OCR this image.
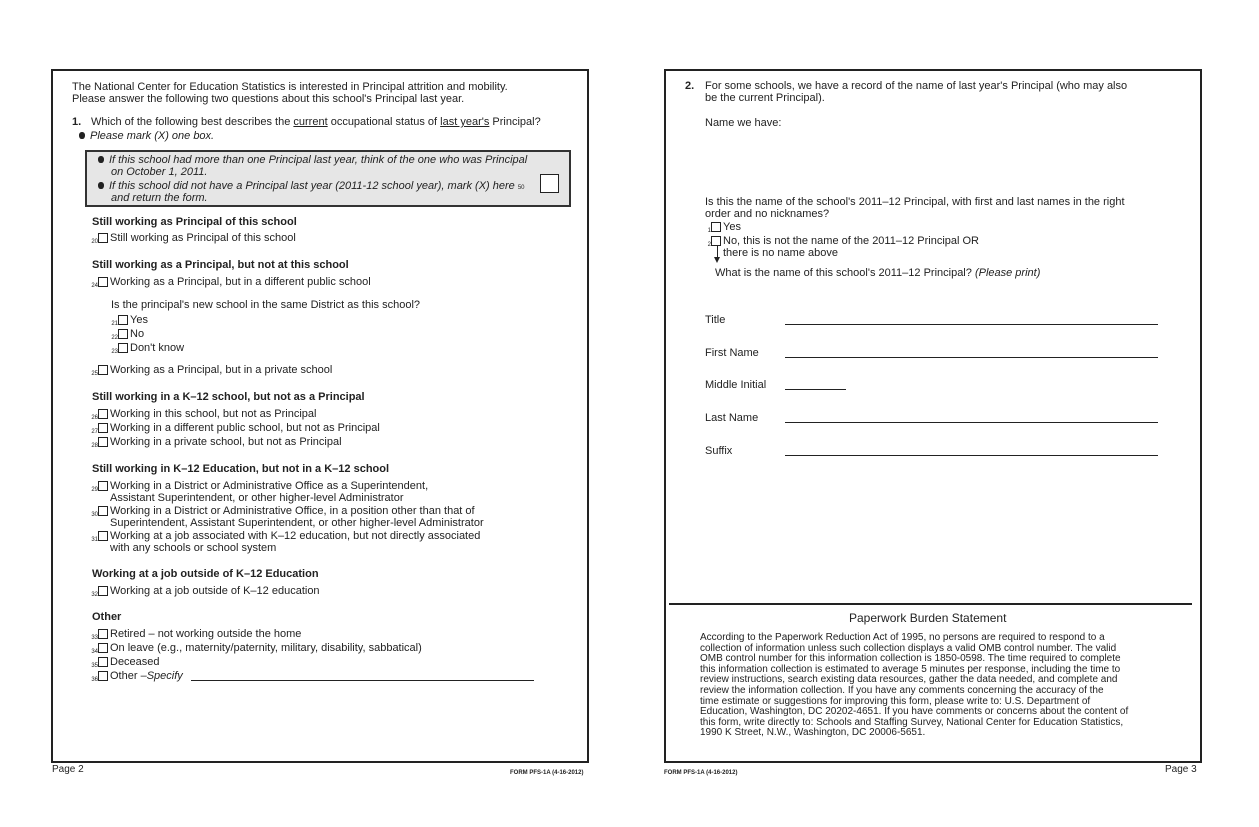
The National Center for Education Statistics is interested in Principal attrition and mobility.
Please answer the following two questions about this school's Principal last year.
1. Which of the following best describes the current occupational status of last year's Principal?
Please mark (X) one box.
If this school had more than one Principal last year, think of the one who was Principal
on October 1, 2011.
If this school did not have a Principal last year (2011-12 school year), mark (X) here 50
and return the form.
Still working as Principal of this school
Still working as a Principal, but not at this school
Still working in a K–12 school, but not as a Principal
Still working in K–12 Education, but not in a K–12 school
Working at a job outside of K–12 Education
Other
20 Still working as Principal of this school
24 Working as a Principal, but in a different public school
Is the principal's new school in the same District as this school?
21 Yes
22 No
23 Don't know
25 Working as a Principal, but in a private school
26 Working in this school, but not as Principal
27 Working in a different public school, but not as Principal
28 Working in a private school, but not as Principal
29 Working in a District or Administrative Office as a Superintendent,
Assistant Superintendent, or other higher-level Administrator
30 Working in a District or Administrative Office, in a position other than that of
Superintendent, Assistant Superintendent, or other higher-level Administrator
31 Working at a job associated with K–12 education, but not directly associated
with any schools or school system
32 Working at a job outside of K–12 education
33 Retired – not working outside the home
34 On leave (e.g., maternity/paternity, military, disability, sabbatical)
35 Deceased
36 Other – Specify
Page 2	FORM PFS-1A (4-16-2012)
2. For some schools, we have a record of the name of last year's Principal (who may also
be the current Principal).
Name we have:
Is this the name of the school's 2011–12 Principal, with first and last names in the right
order and no nicknames?
1 Yes
2 No, this is not the name of the 2011–12 Principal OR
there is no name above
What is the name of this school's 2011–12 Principal? (Please print)
Title
First Name
Middle Initial
Last Name
Suffix
Paperwork Burden Statement
According to the Paperwork Reduction Act of 1995, no persons are required to respond to a
collection of information unless such collection displays a valid OMB control number. The valid
OMB control number for this information collection is 1850-0598. The time required to complete
this information collection is estimated to average 5 minutes per response, including the time to
review instructions, search existing data resources, gather the data needed, and complete and
review the information collection. If you have any comments concerning the accuracy of the
time estimate or suggestions for improving this form, please write to: U.S. Department of
Education, Washington, DC 20202-4651. If you have comments or concerns about the content of
this form, write directly to: Schools and Staffing Survey, National Center for Education Statistics,
1990 K Street, N.W., Washington, DC 20006-5651.
FORM PFS-1A (4-16-2012)	Page 3
